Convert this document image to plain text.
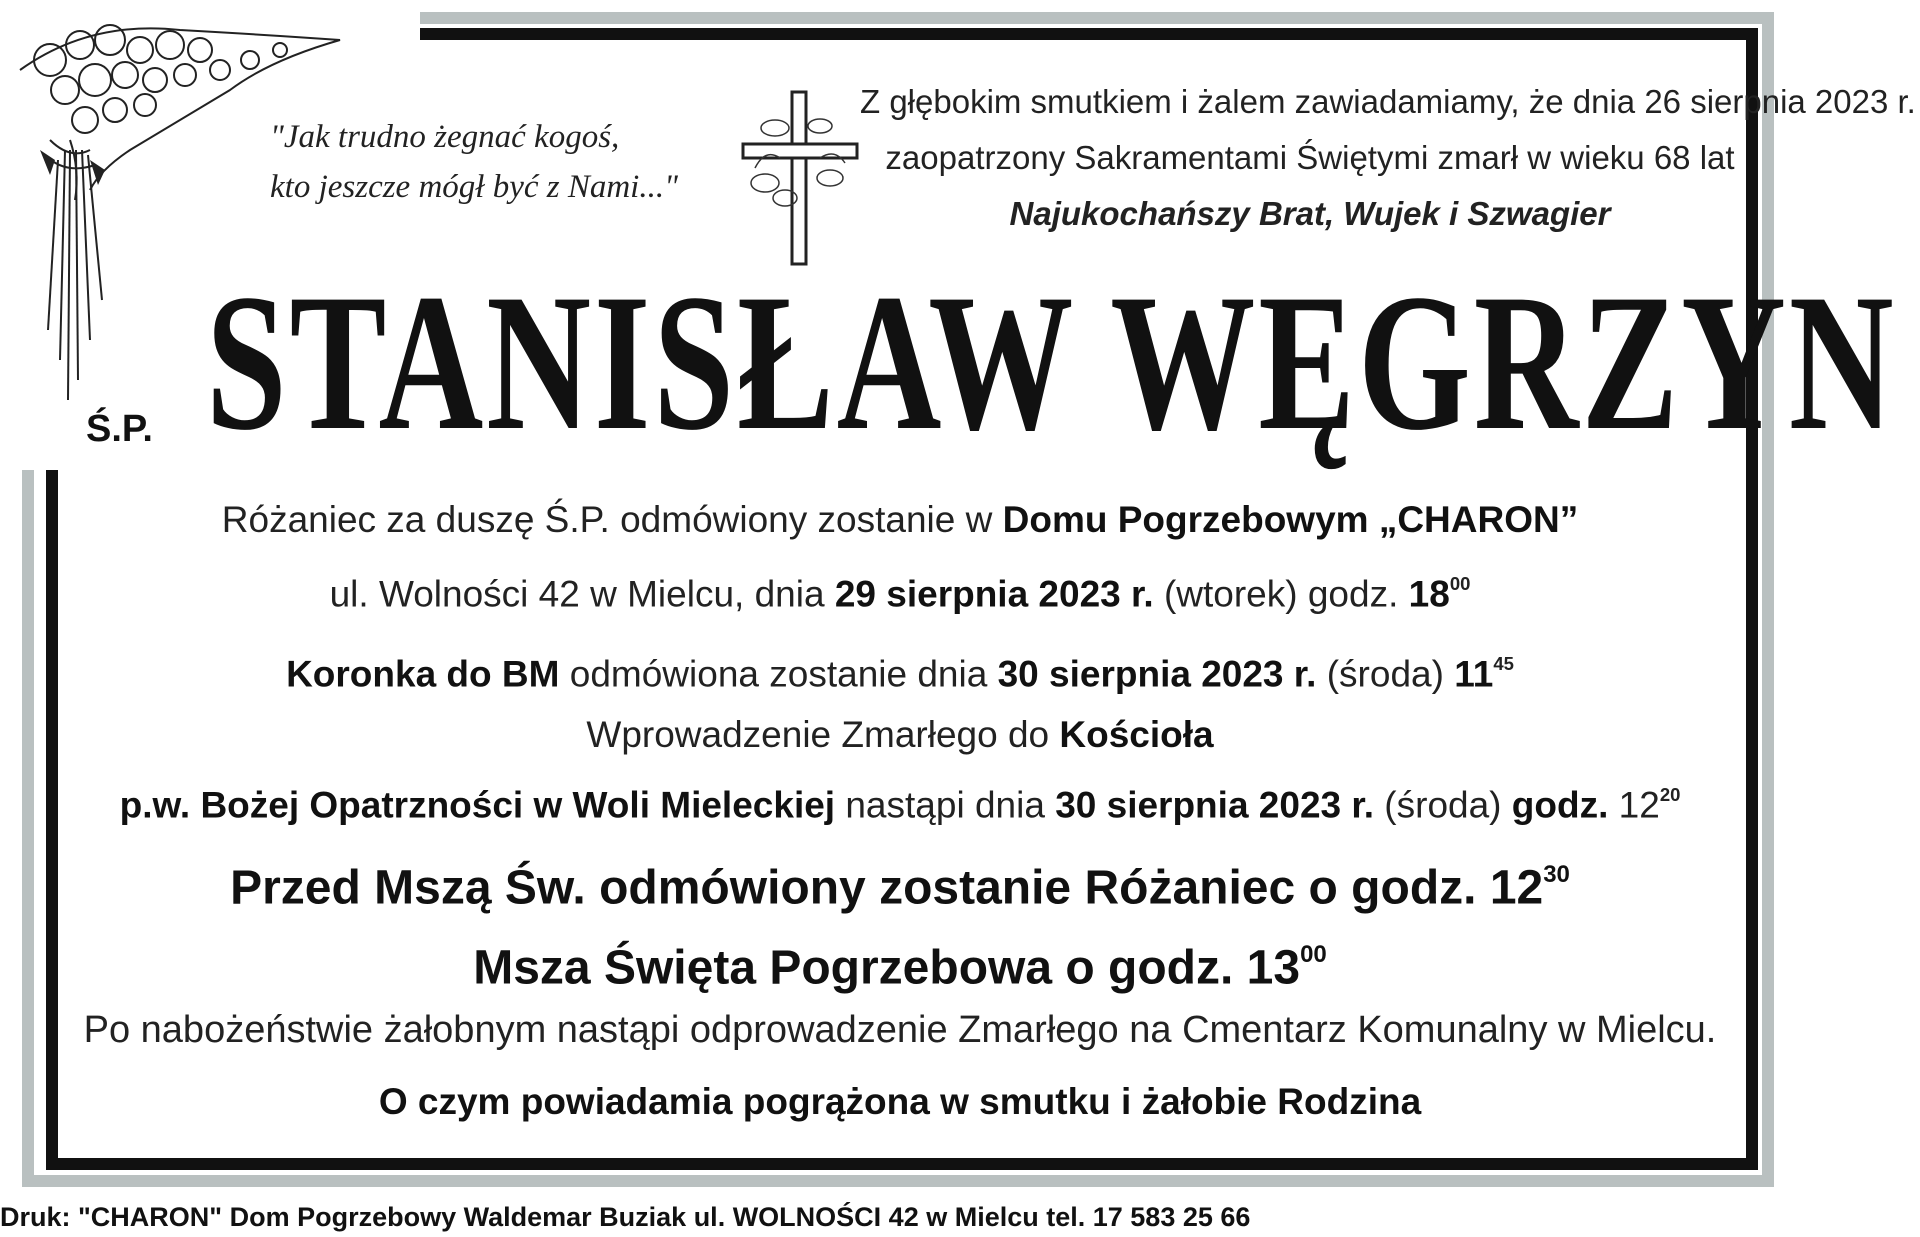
"Jak trudno żegnać kogoś,
kto jeszcze mógł być z Nami..."
Z głębokim smutkiem i żalem zawiadamiamy, że dnia 26 sierpnia 2023 r.
zaopatrzony Sakramentami Świętymi zmarł w wieku 68 lat
Najukochańszy Brat, Wujek i Szwagier
Ś.P. STANISŁAW WĘGRZYN
Różaniec za duszę Ś.P. odmówiony zostanie w Domu Pogrzebowym „CHARON”
ul. Wolności 42 w Mielcu, dnia 29 sierpnia 2023 r. (wtorek) godz. $18^{00}$
Koronka do BM odmówiona zostanie dnia 30 sierpnia 2023 r. (środa) $11^{45}$
Wprowadzenie Zmarłego do Kościoła
p.w. Bożej Opatrzności w Woli Mieleckiej nastąpi dnia 30 sierpnia 2023 r. (środa) godz. $12^{20}$
Przed Mszą Św. odmówiony zostanie Różaniec o godz. $12^{30}$
Msza Święta Pogrzebowa o godz. $13^{00}$
Po nabożeństwie żałobnym nastąpi odprowadzenie Zmarłego na Cmentarz Komunalny w Mielcu.
O czym powiadamia pogrążona w smutku i żałobie Rodzina
Druk: "CHARON" Dom Pogrzebowy Waldemar Buziak ul. WOLNOŚCI 42 w Mielcu tel. 17 583 25 66
